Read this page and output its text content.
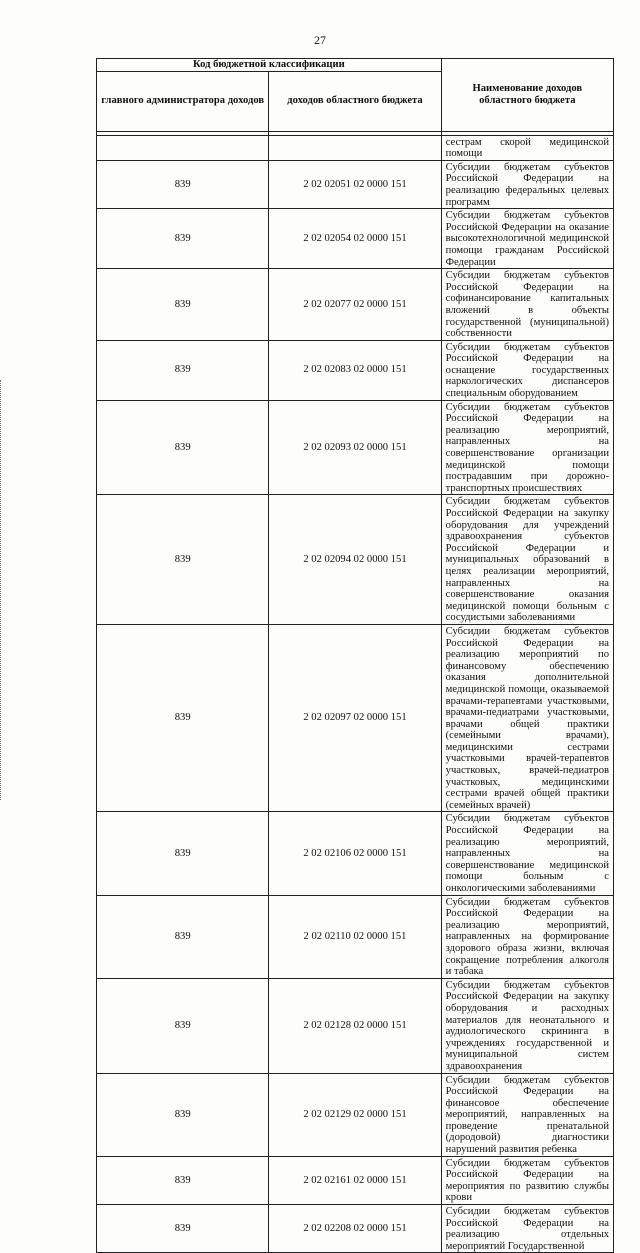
27
Код бюджетной классификации		Наименование доходов областного бюджета
главного администратора доходов	доходов областного бюджета	

		сестрам скорой медицинской помощи
839	2 02 02051 02 0000 151	Субсидии бюджетам субъектов Российской Федерации на реализацию федеральных целевых программ
839	2 02 02054 02 0000 151	Субсидии бюджетам субъектов Российской Федерации на оказание высокотехнологичной медицинской помощи гражданам Российской Федерации
839	2 02 02077 02 0000 151	Субсидии бюджетам субъектов Российской Федерации на софинансирование капитальных вложений в объекты государственной (муниципальной) собственности
839	2 02 02083 02 0000 151	Субсидии бюджетам субъектов Российской Федерации на оснащение государственных наркологических диспансеров специальным оборудованием
839	2 02 02093 02 0000 151	Субсидии бюджетам субъектов Российской Федерации на реализацию мероприятий, направленных на совершенствование организации медицинской помощи пострадавшим при дорожно-транспортных происшествиях
839	2 02 02094 02 0000 151	Субсидии бюджетам субъектов Российской Федерации на закупку оборудования для учреждений здравоохранения субъектов Российской Федерации и муниципальных образований в целях реализации мероприятий, направленных на совершенствование оказания медицинской помощи больным с сосудистыми заболеваниями
839	2 02 02097 02 0000 151	Субсидии бюджетам субъектов Российской Федерации на реализацию мероприятий по финансовому обеспечению оказания дополнительной медицинской помощи, оказываемой врачами-терапевтами участковыми, врачами-педиатрами участковыми, врачами общей практики (семейными врачами), медицинскими сестрами участковыми врачей-терапевтов участковых, врачей-педиатров участковых, медицинскими сестрами врачей общей практики (семейных врачей)
839	2 02 02106 02 0000 151	Субсидии бюджетам субъектов Российской Федерации на реализацию мероприятий, направленных на совершенствование медицинской помощи больным с онкологическими заболеваниями
839	2 02 02110 02 0000 151	Субсидии бюджетам субъектов Российской Федерации на реализацию мероприятий, направленных на формирование здорового образа жизни, включая сокращение потребления алкоголя и табака
839	2 02 02128 02 0000 151	Субсидии бюджетам субъектов Российской Федерации на закупку оборудования и расходных материалов для неонатального и аудиологического скрининга в учреждениях государственной и муниципальной систем здравоохранения
839	2 02 02129 02 0000 151	Субсидии бюджетам субъектов Российской Федерации на финансовое обеспечение мероприятий, направленных на проведение пренатальной (дородовой) диагностики нарушений развития ребенка
839	2 02 02161 02 0000 151	Субсидии бюджетам субъектов Российской Федерации на мероприятия по развитию службы крови
839	2 02 02208 02 0000 151	Субсидии бюджетам субъектов Российской Федерации на реализацию отдельных мероприятий Государственной
